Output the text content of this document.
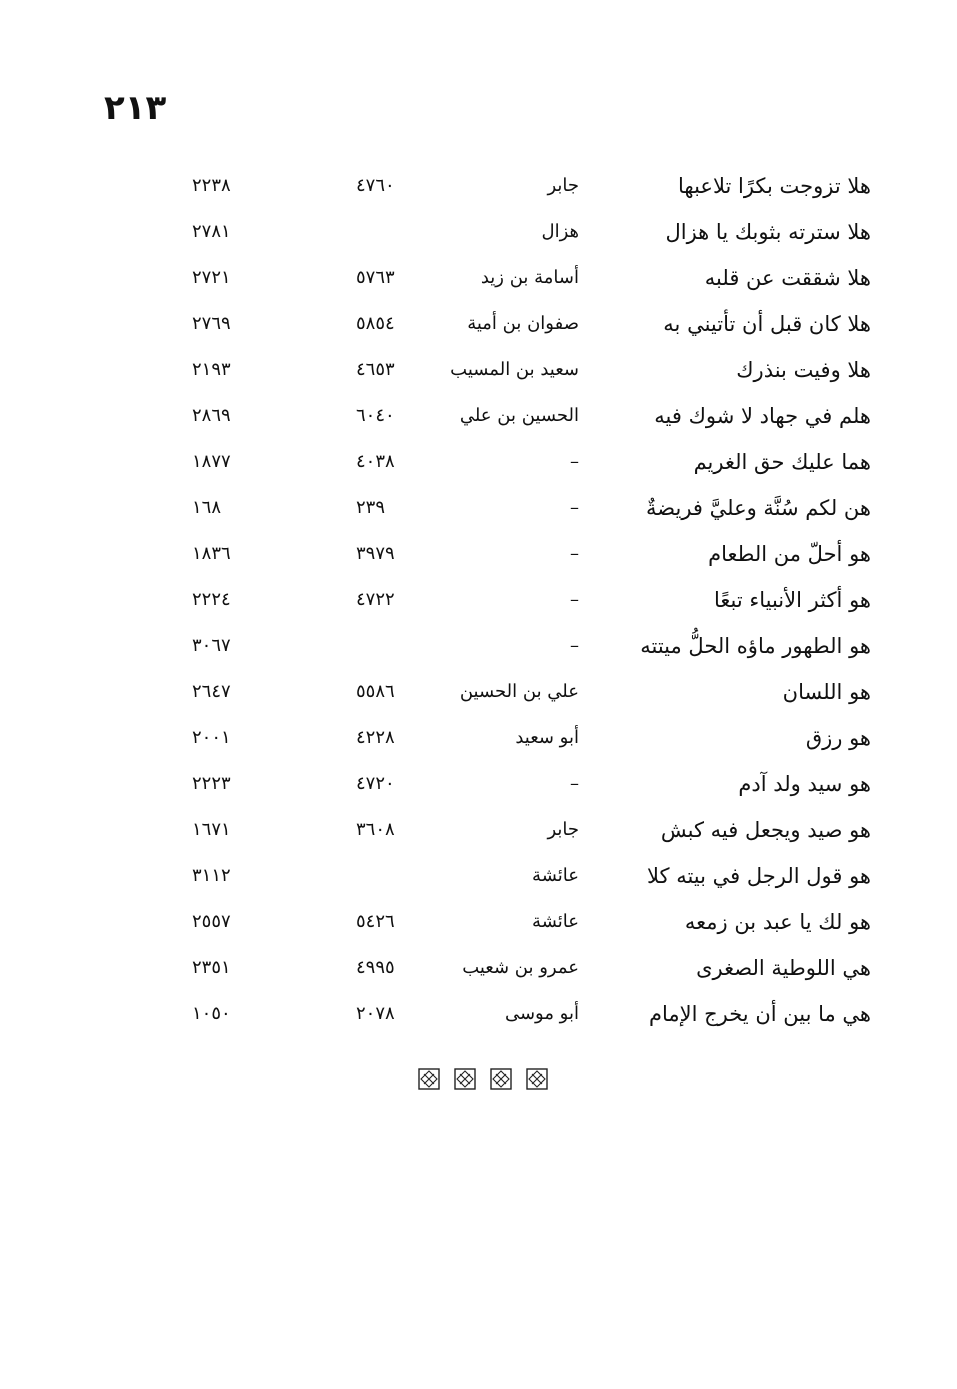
٢١٣
هلا تزوجت بكرًا تلاعبها
جابر
٤٧٦٠
٢٢٣٨
هلا سترته بثوبك يا هزال
هزال
٢٧٨١
هلا شققت عن قلبه
أسامة بن زيد
٥٧٦٣
٢٧٢١
هلا كان قبل أن تأتيني به
صفوان بن أمية
٥٨٥٤
٢٧٦٩
هلا وفيت بنذرك
سعيد بن المسيب
٤٦٥٣
٢١٩٣
هلم في جهاد لا شوك فيه
الحسين بن علي
٦٠٤٠
٢٨٦٩
هما عليك حق الغريم
–
٤٠٣٨
١٨٧٧
هن لكم سُنَّة وعليَّ فريضةٌ
–
٢٣٩
١٦٨
هو أحلّ من الطعام
–
٣٩٧٩
١٨٣٦
هو أكثر الأنبياء تبعًا
–
٤٧٢٢
٢٢٢٤
هو الطهور ماؤه الحلُّ ميتته
–
٣٠٦٧
هو اللسان
علي بن الحسين
٥٥٨٦
٢٦٤٧
هو رزق
أبو سعيد
٤٢٢٨
٢٠٠١
هو سيد ولد آدم
–
٤٧٢٠
٢٢٢٣
هو صيد ويجعل فيه كبش
جابر
٣٦٠٨
١٦٧١
هو قول الرجل في بيته كلا
عائشة
٣١١٢
هو لك يا عبد بن زمعه
عائشة
٥٤٢٦
٢٥٥٧
هي اللوطية الصغرى
عمرو بن شعيب
٤٩٩٥
٢٣٥١
هي ما بين أن يخرج الإمام
أبو موسى
٢٠٧٨
١٠٥٠
